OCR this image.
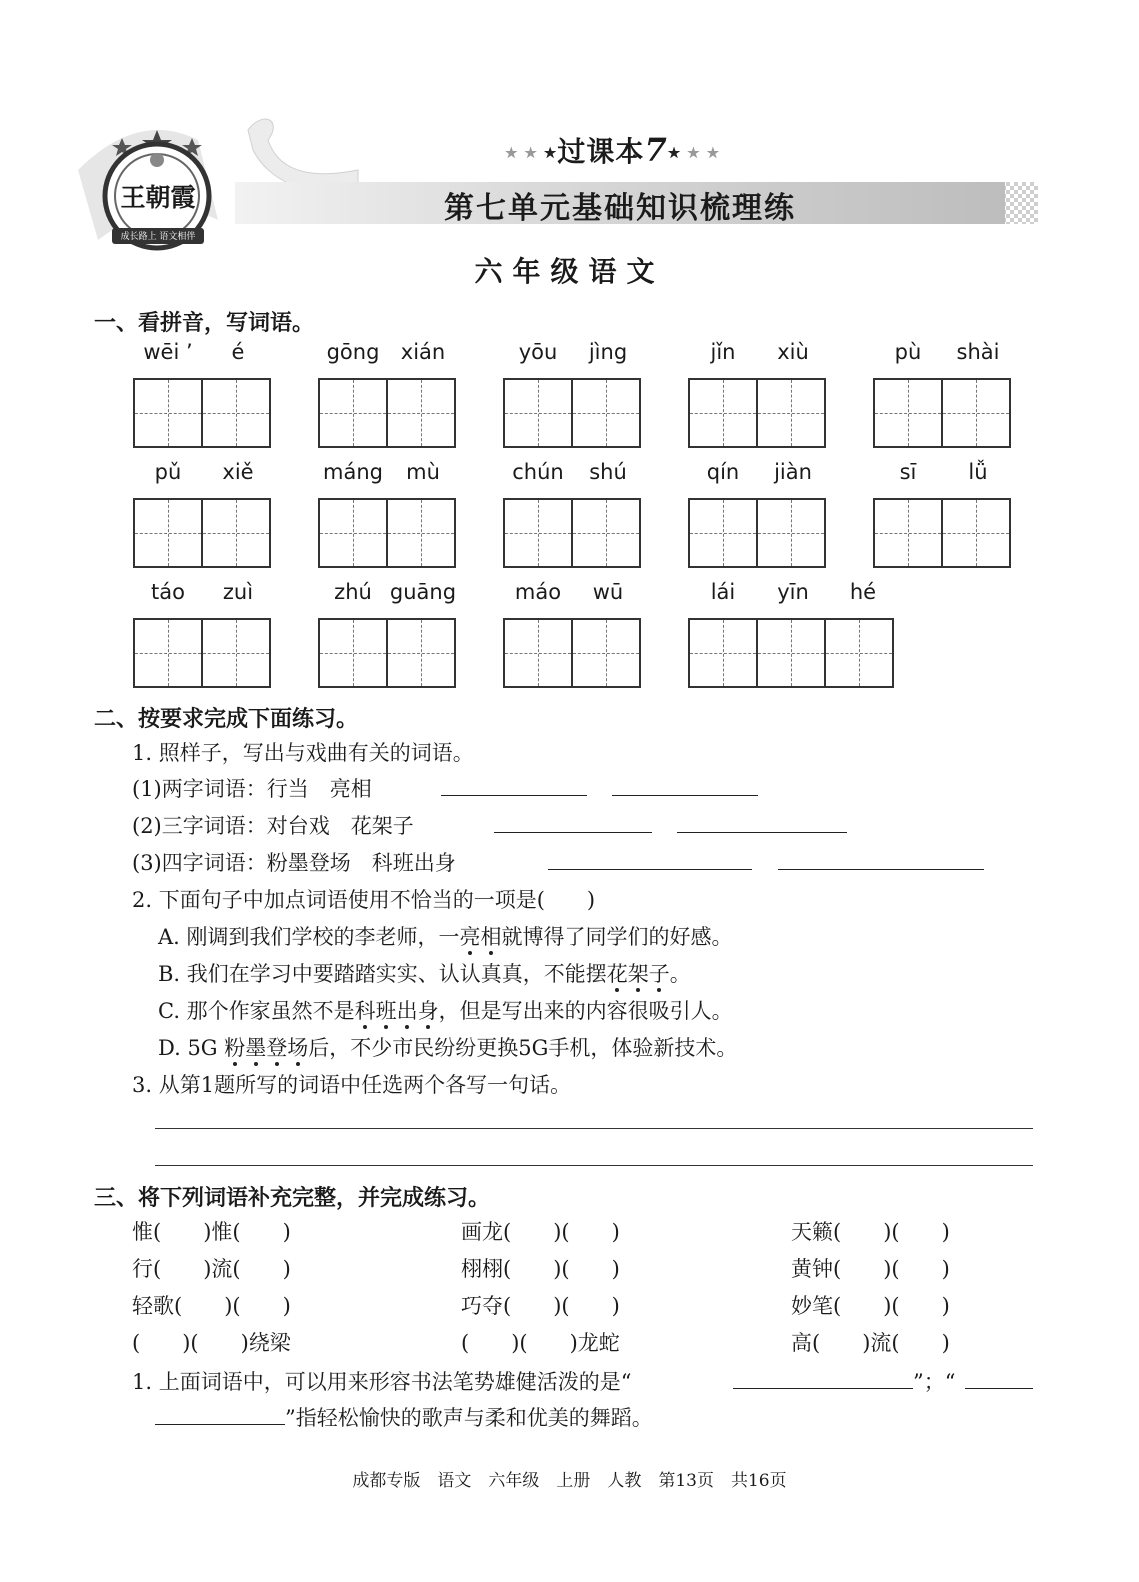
王朝霞
成长路上 语文相伴
★ ★ ★过课本7★ ★ ★
第七单元基础知识梳理练
六年级语文
一、看拼音，写词语。
wēi ’	é	gōng	xián	yōu	jìng	jǐn	xiù	pù	shài
pǔ	xiě	máng	mù	chún	shú	qín	jiàn	sī	lǚ
táo	zuì	zhú guāng	máo	wū	lái	yīn	hé
二、按要求完成下面练习。
1. 照样子，写出与戏曲有关的词语。
(1)两字词语：行当　亮相
(2)三字词语：对台戏　花架子
(3)四字词语：粉墨登场　科班出身
2. 下面句子中加点词语使用不恰当的一项是(　　)
A. 刚调到我们学校的李老师，一亮相就博得了同学们的好感。
B. 我们在学习中要踏踏实实、认认真真，不能摆花架子。
C. 那个作家虽然不是科班出身，但是写出来的内容很吸引人。
D. 5G 粉墨登场后，不少市民纷纷更换5G手机，体验新技术。
3. 从第1题所写的词语中任选两个各写一句话。
三、将下列词语补充完整，并完成练习。
惟(　　)惟(　　)	画龙(　　)(　　)	天籁(　　)(　　)
行(　　)流(　　)	栩栩(　　)(　　)	黄钟(　　)(　　)
轻歌(　　)(　　)	巧夺(　　)(　　)	妙笔(　　)(　　)
(　　)(　　)绕梁	(　　)(　　)龙蛇	高(　　)流(　　)
1. 上面词语中，可以用来形容书法笔势雄健活泼的是“	”；“
”指轻松愉快的歌声与柔和优美的舞蹈。
成都专版　语文　六年级　上册　人教　第13页　共16页
